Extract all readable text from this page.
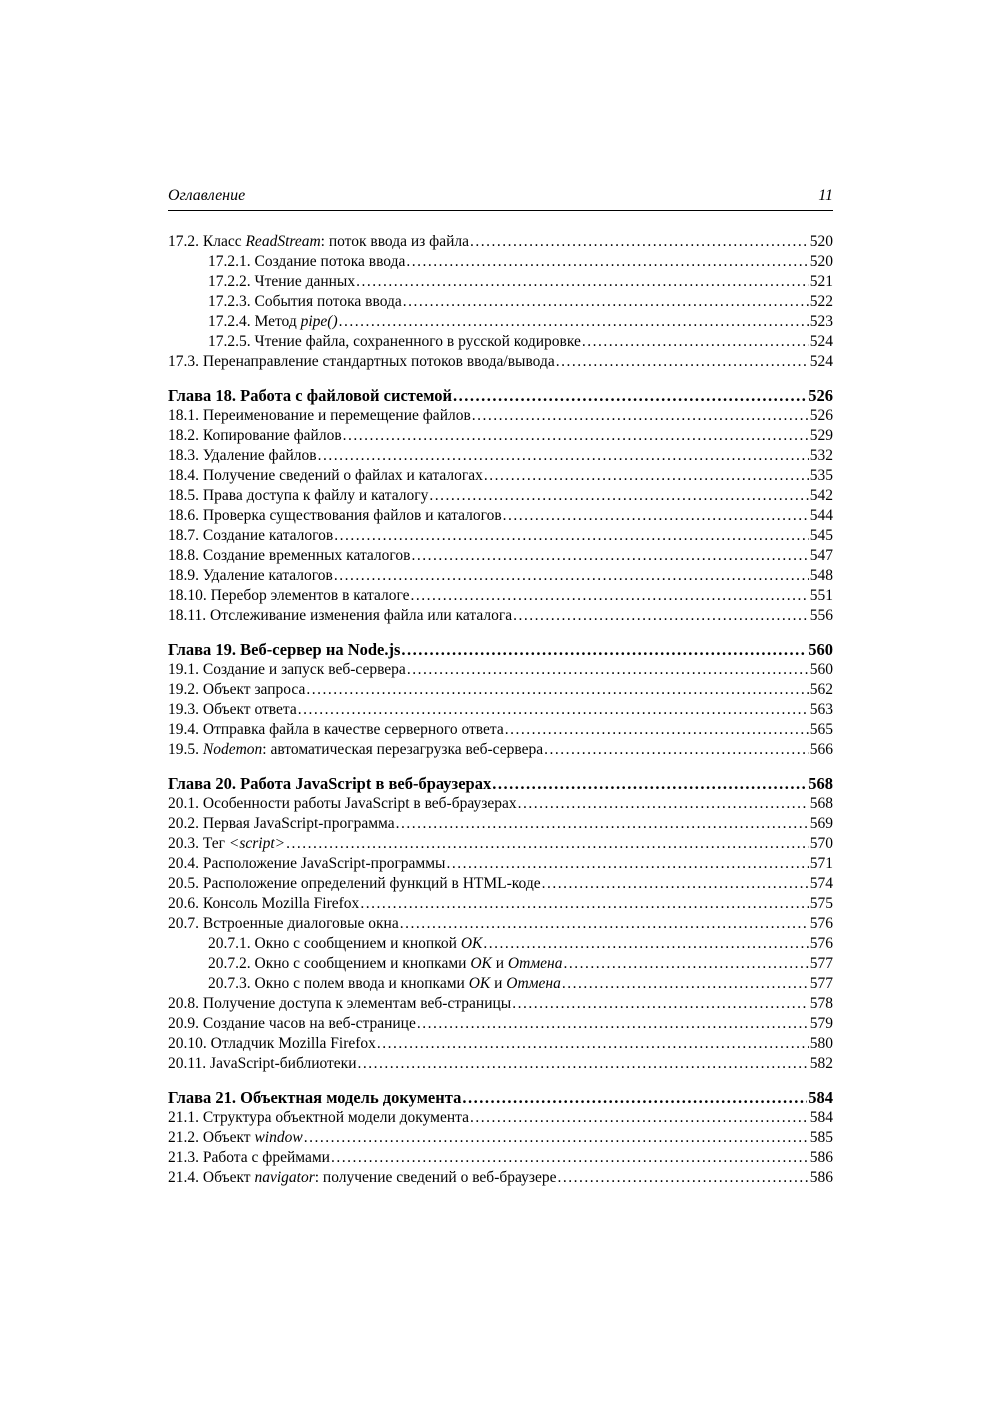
Оглавление	11
17.2. Класс ReadStream: поток ввода из файла .....	520
17.2.1. Создание потока ввода .....	520
17.2.2. Чтение данных .....	521
17.2.3. События потока ввода .....	522
17.2.4. Метод pipe() .....	523
17.2.5. Чтение файла, сохраненного в русской кодировке .....	524
17.3. Перенаправление стандартных потоков ввода/вывода .....	524
Глава 18. Работа с файловой системой .....	526
18.1. Переименование и перемещение файлов .....	526
18.2. Копирование файлов .....	529
18.3. Удаление файлов .....	532
18.4. Получение сведений о файлах и каталогах .....	535
18.5. Права доступа к файлу и каталогу .....	542
18.6. Проверка существования файлов и каталогов .....	544
18.7. Создание каталогов .....	545
18.8. Создание временных каталогов .....	547
18.9. Удаление каталогов .....	548
18.10. Перебор элементов в каталоге .....	551
18.11. Отслеживание изменения файла или каталога .....	556
Глава 19. Веб-сервер на Node.js .....	560
19.1. Создание и запуск веб-сервера .....	560
19.2. Объект запроса .....	562
19.3. Объект ответа .....	563
19.4. Отправка файла в качестве серверного ответа .....	565
19.5. Nodemon: автоматическая перезагрузка веб-сервера .....	566
Глава 20. Работа JavaScript в веб-браузерах .....	568
20.1. Особенности работы JavaScript в веб-браузерах .....	568
20.2. Первая JavaScript-программа .....	569
20.3. Тег <script> .....	570
20.4. Расположение JavaScript-программы .....	571
20.5. Расположение определений функций в HTML-коде .....	574
20.6. Консоль Mozilla Firefox .....	575
20.7. Встроенные диалоговые окна .....	576
20.7.1. Окно с сообщением и кнопкой ОК .....	576
20.7.2. Окно с сообщением и кнопками ОК и Отмена .....	577
20.7.3. Окно с полем ввода и кнопками ОК и Отмена .....	577
20.8. Получение доступа к элементам веб-страницы .....	578
20.9. Создание часов на веб-странице .....	579
20.10. Отладчик Mozilla Firefox .....	580
20.11. JavaScript-библиотеки .....	582
Глава 21. Объектная модель документа .....	584
21.1. Структура объектной модели документа .....	584
21.2. Объект window .....	585
21.3. Работа с фреймами .....	586
21.4. Объект navigator: получение сведений о веб-браузере .....	586
